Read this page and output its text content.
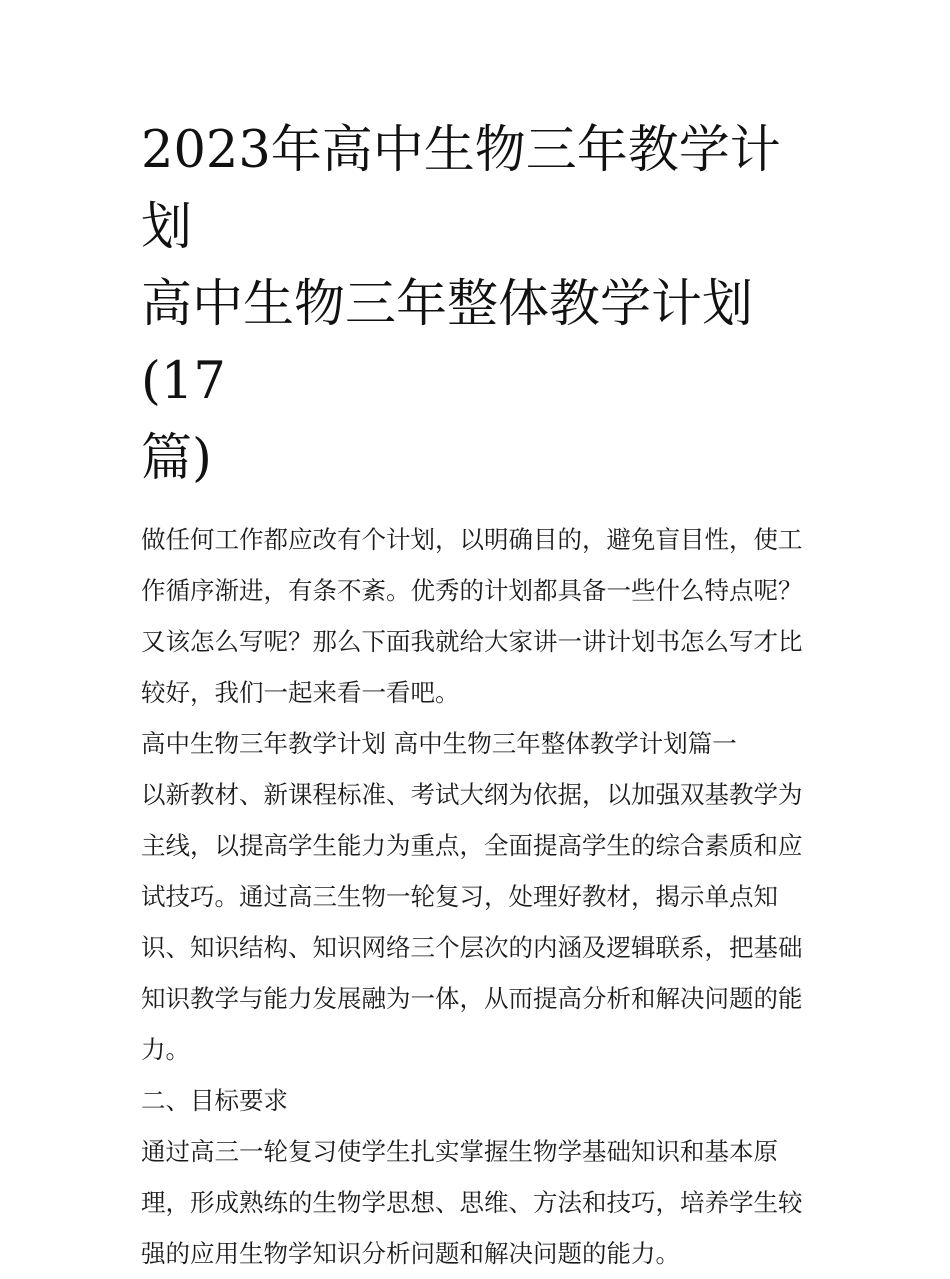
2023年高中生物三年教学计划
高中生物三年整体教学计划(17
篇)

做任何工作都应改有个计划，以明确目的，避免盲目性，使工作循序渐进，有条不紊。优秀的计划都具备一些什么特点呢？又该怎么写呢？那么下面我就给大家讲一讲计划书怎么写才比较好，我们一起来看一看吧。

高中生物三年教学计划 高中生物三年整体教学计划篇一

以新教材、新课程标准、考试大纲为依据，以加强双基教学为主线，以提高学生能力为重点，全面提高学生的综合素质和应试技巧。通过高三生物一轮复习，处理好教材，揭示单点知识、知识结构、知识网络三个层次的内涵及逻辑联系，把基础知识教学与能力发展融为一体，从而提高分析和解决问题的能力。

二、目标要求

通过高三一轮复习使学生扎实掌握生物学基础知识和基本原理，形成熟练的生物学思想、思维、方法和技巧，培养学生较强的应用生物学知识分析问题和解决问题的能力。
